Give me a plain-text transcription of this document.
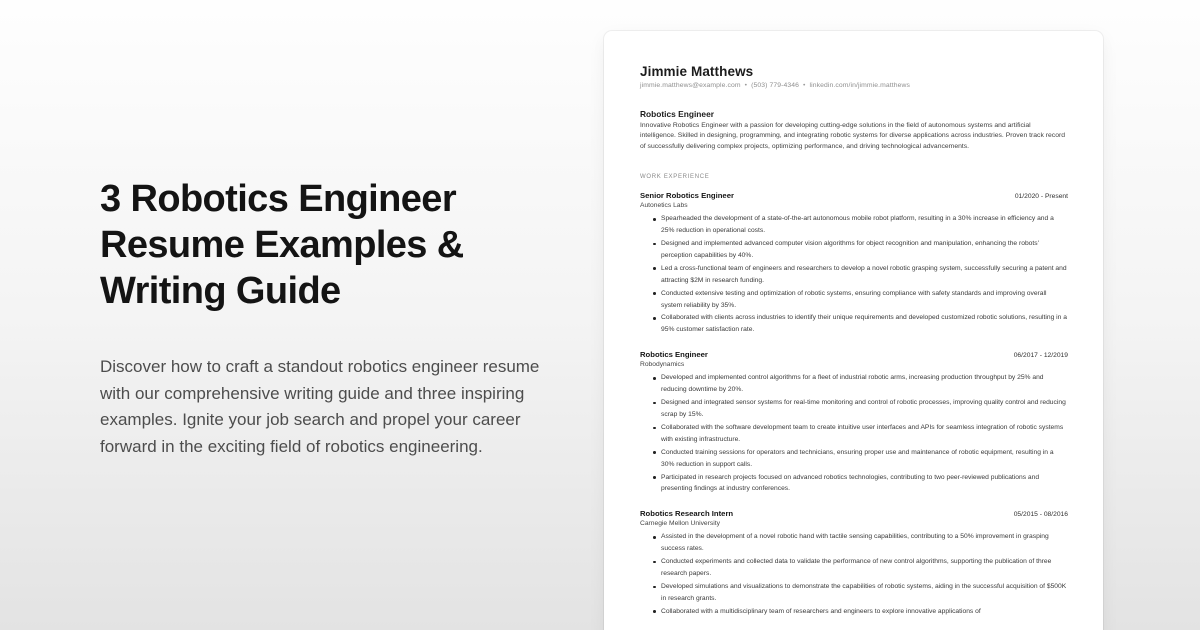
3 Robotics Engineer
Resume Examples &
Writing Guide

Discover how to craft a standout robotics engineer resume with our comprehensive writing guide and three inspiring examples. Ignite your job search and propel your career forward in the exciting field of robotics engineering.

Jimmie Matthews
jimmie.matthews@example.com • (503) 779-4346 • linkedin.com/in/jimmie.matthews
Robotics Engineer
Innovative Robotics Engineer with a passion for developing cutting-edge solutions in the field of autonomous systems and artificial intelligence. Skilled in designing, programming, and integrating robotic systems for diverse applications across industries. Proven track record of successfully delivering complex projects, optimizing performance, and driving technological advancements.
WORK EXPERIENCE
Senior Robotics Engineer	01/2020 - Present
Autonetics Labs
Spearheaded the development of a state-of-the-art autonomous mobile robot platform, resulting in a 30% increase in efficiency and a 25% reduction in operational costs.
Designed and implemented advanced computer vision algorithms for object recognition and manipulation, enhancing the robots' perception capabilities by 40%.
Led a cross-functional team of engineers and researchers to develop a novel robotic grasping system, successfully securing a patent and attracting $2M in research funding.
Conducted extensive testing and optimization of robotic systems, ensuring compliance with safety standards and improving overall system reliability by 35%.
Collaborated with clients across industries to identify their unique requirements and developed customized robotic solutions, resulting in a 95% customer satisfaction rate.
Robotics Engineer	06/2017 - 12/2019
Robodynamics
Developed and implemented control algorithms for a fleet of industrial robotic arms, increasing production throughput by 25% and reducing downtime by 20%.
Designed and integrated sensor systems for real-time monitoring and control of robotic processes, improving quality control and reducing scrap by 15%.
Collaborated with the software development team to create intuitive user interfaces and APIs for seamless integration of robotic systems with existing infrastructure.
Conducted training sessions for operators and technicians, ensuring proper use and maintenance of robotic equipment, resulting in a 30% reduction in support calls.
Participated in research projects focused on advanced robotics technologies, contributing to two peer-reviewed publications and presenting findings at industry conferences.
Robotics Research Intern	05/2015 - 08/2016
Carnegie Mellon University
Assisted in the development of a novel robotic hand with tactile sensing capabilities, contributing to a 50% improvement in grasping success rates.
Conducted experiments and collected data to validate the performance of new control algorithms, supporting the publication of three research papers.
Developed simulations and visualizations to demonstrate the capabilities of robotic systems, aiding in the successful acquisition of $500K in research grants.
Collaborated with a multidisciplinary team of researchers and engineers to explore innovative applications of
